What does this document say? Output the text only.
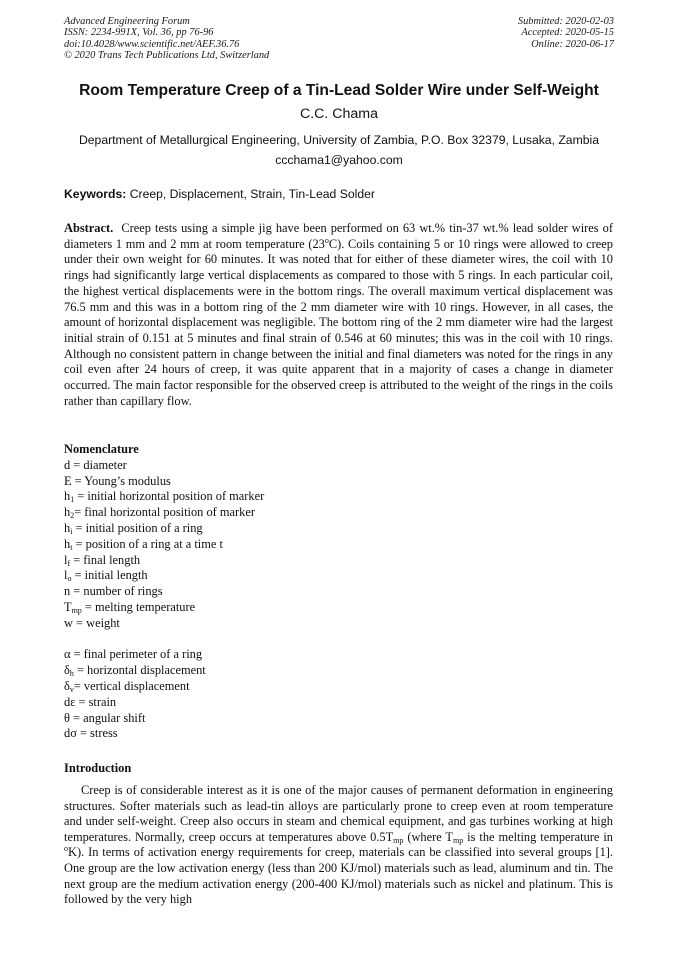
Advanced Engineering Forum
ISSN: 2234-991X, Vol. 36, pp 76-96
doi:10.4028/www.scientific.net/AEF.36.76
© 2020 Trans Tech Publications Ltd, Switzerland
Submitted: 2020-02-03
Accepted: 2020-05-15
Online: 2020-06-17
Room Temperature Creep of a Tin-Lead Solder Wire under Self-Weight
C.C. Chama
Department of Metallurgical Engineering, University of Zambia, P.O. Box 32379, Lusaka, Zambia
ccchama1@yahoo.com
Keywords: Creep, Displacement, Strain, Tin-Lead Solder

Abstract. Creep tests using a simple jig have been performed on 63 wt.% tin-37 wt.% lead solder wires of diameters 1 mm and 2 mm at room temperature (23$^o$C). Coils containing 5 or 10 rings were allowed to creep under their own weight for 60 minutes. It was noted that for either of these diameter wires, the coil with 10 rings had significantly large vertical displacements as compared to those with 5 rings. In each particular coil, the highest vertical displacements were in the bottom rings. The overall maximum vertical displacement was 76.5 mm and this was in a bottom ring of the 2 mm diameter wire with 10 rings. However, in all cases, the amount of horizontal displacement was negligible. The bottom ring of the 2 mm diameter wire had the largest initial strain of 0.151 at 5 minutes and final strain of 0.546 at 60 minutes; this was in the coil with 10 rings. Although no consistent pattern in change between the initial and final diameters was noted for the rings in any coil even after 24 hours of creep, it was quite apparent that in a majority of cases a change in diameter occurred. The main factor responsible for the observed creep is attributed to the weight of the rings in the coils rather than capillary flow.

Nomenclature
d = diameter
E = Young’s modulus
$h_1$ = initial horizontal position of marker
$h_2=$ final horizontal position of marker
$h_i$ = initial position of a ring
$h_t$ = position of a ring at a time t
$l_f$ = final length
$l_o$ = initial length
n = number of rings
$T_{mp}$ = melting temperature
w = weight
α = final perimeter of a ring
$\delta_h$ = horizontal displacement
$\delta_v=$ vertical displacement
dε = strain
θ = angular shift
dσ = stress
Introduction

Creep is of considerable interest as it is one of the major causes of permanent deformation in engineering structures. Softer materials such as lead-tin alloys are particularly prone to creep even at room temperature and under self-weight. Creep also occurs in steam and chemical equipment, and gas turbines working at high temperatures. Normally, creep occurs at temperatures above $0.5T_{mp}$ (where $T_{mp}$ is the melting temperature in $^o$K). In terms of activation energy requirements for creep, materials can be classified into several groups [1]. One group are the low activation energy (less than 200 KJ/mol) materials such as lead, aluminum and tin. The next group are the medium activation energy (200-400 KJ/mol) materials such as nickel and platinum. This is followed by the very high
